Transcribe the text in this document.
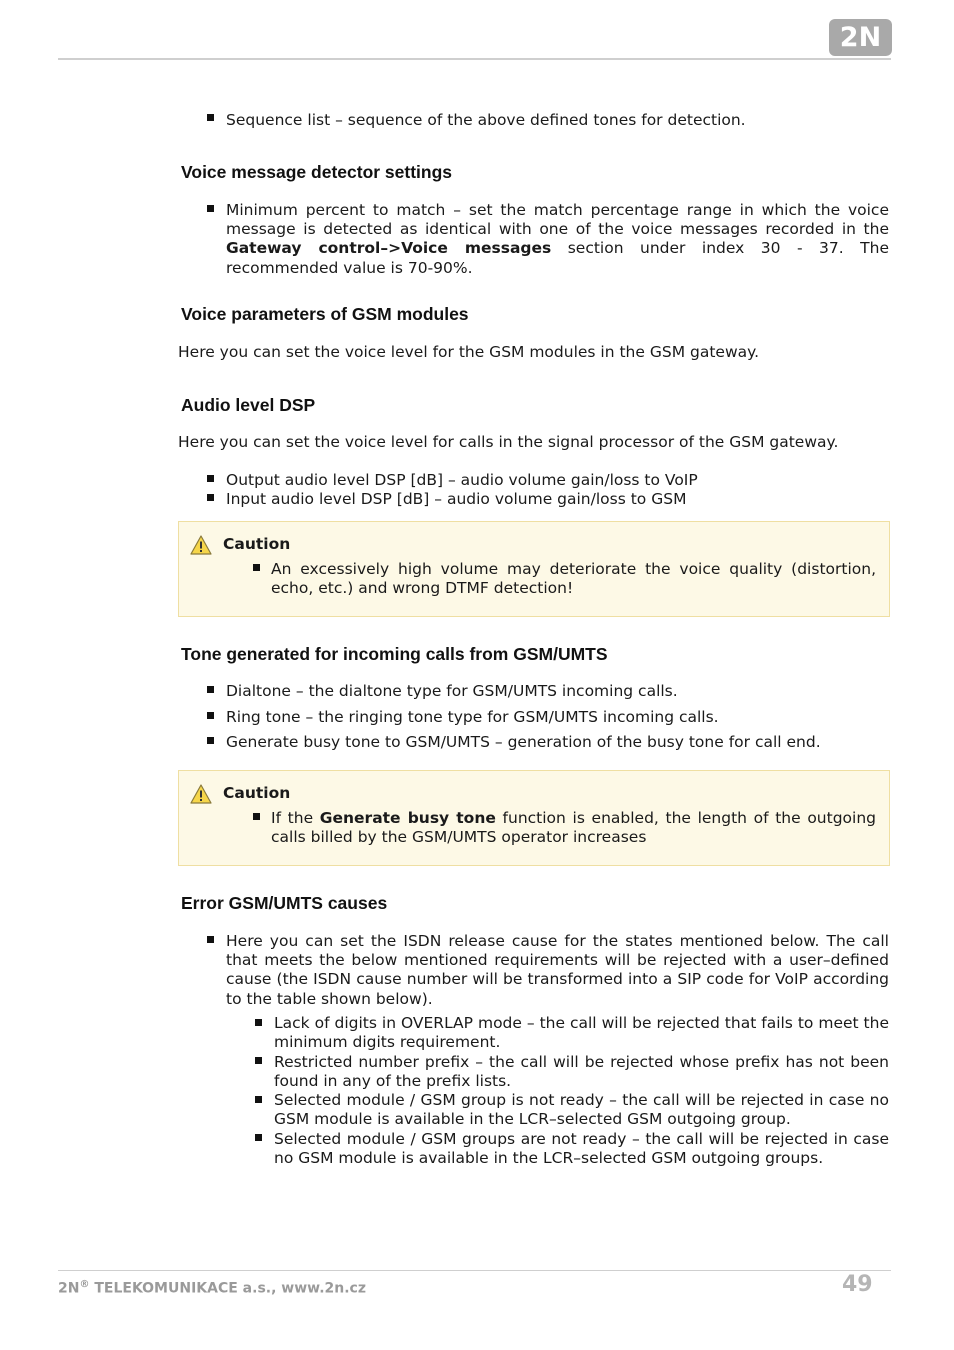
2N
Sequence list – sequence of the above defined tones for detection.
Voice message detector settings
Minimum percent to match – set the match percentage range in which the voice message is detected as identical with one of the voice messages recorded in the Gateway control–>Voice messages section under index 30 - 37. The recommended value is 70-90%.
Voice parameters of GSM modules
Here you can set the voice level for the GSM modules in the GSM gateway.
Audio level DSP
Here you can set the voice level for calls in the signal processor of the GSM gateway.
Output audio level DSP [dB] – audio volume gain/loss to VoIP
Input audio level DSP [dB] – audio volume gain/loss to GSM
Caution
An excessively high volume may deteriorate the voice quality (distortion, echo, etc.) and wrong DTMF detection!
Tone generated for incoming calls from GSM/UMTS
Dialtone – the dialtone type for GSM/UMTS incoming calls.
Ring tone – the ringing tone type for GSM/UMTS incoming calls.
Generate busy tone to GSM/UMTS – generation of the busy tone for call end.
Caution
If the Generate busy tone function is enabled, the length of the outgoing calls billed by the GSM/UMTS operator increases
Error GSM/UMTS causes
Here you can set the ISDN release cause for the states mentioned below. The call that meets the below mentioned requirements will be rejected with a user–defined cause (the ISDN cause number will be transformed into a SIP code for VoIP according to the table shown below).
Lack of digits in OVERLAP mode – the call will be rejected that fails to meet the minimum digits requirement.
Restricted number prefix – the call will be rejected whose prefix has not been found in any of the prefix lists.
Selected module / GSM group is not ready – the call will be rejected in case no GSM module is available in the LCR–selected GSM outgoing group.
Selected module / GSM groups are not ready – the call will be rejected in case no GSM module is available in the LCR–selected GSM outgoing groups.
2N® TELEKOMUNIKACE a.s., www.2n.cz	49
